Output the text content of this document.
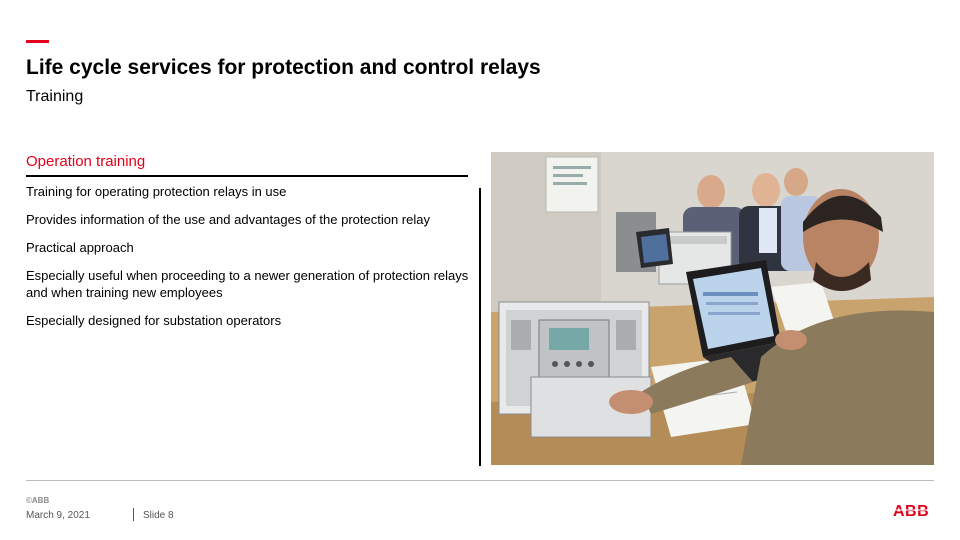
Life cycle services for protection and control relays

Training

Operation training

Training for operating protection relays in use
Provides information of the use and advantages of the protection relay
Practical approach
Especially useful when proceeding to a newer generation of protection relays and when training new employees
Especially designed for substation operators
©ABB
March 9, 2021	Slide 8	ABB
